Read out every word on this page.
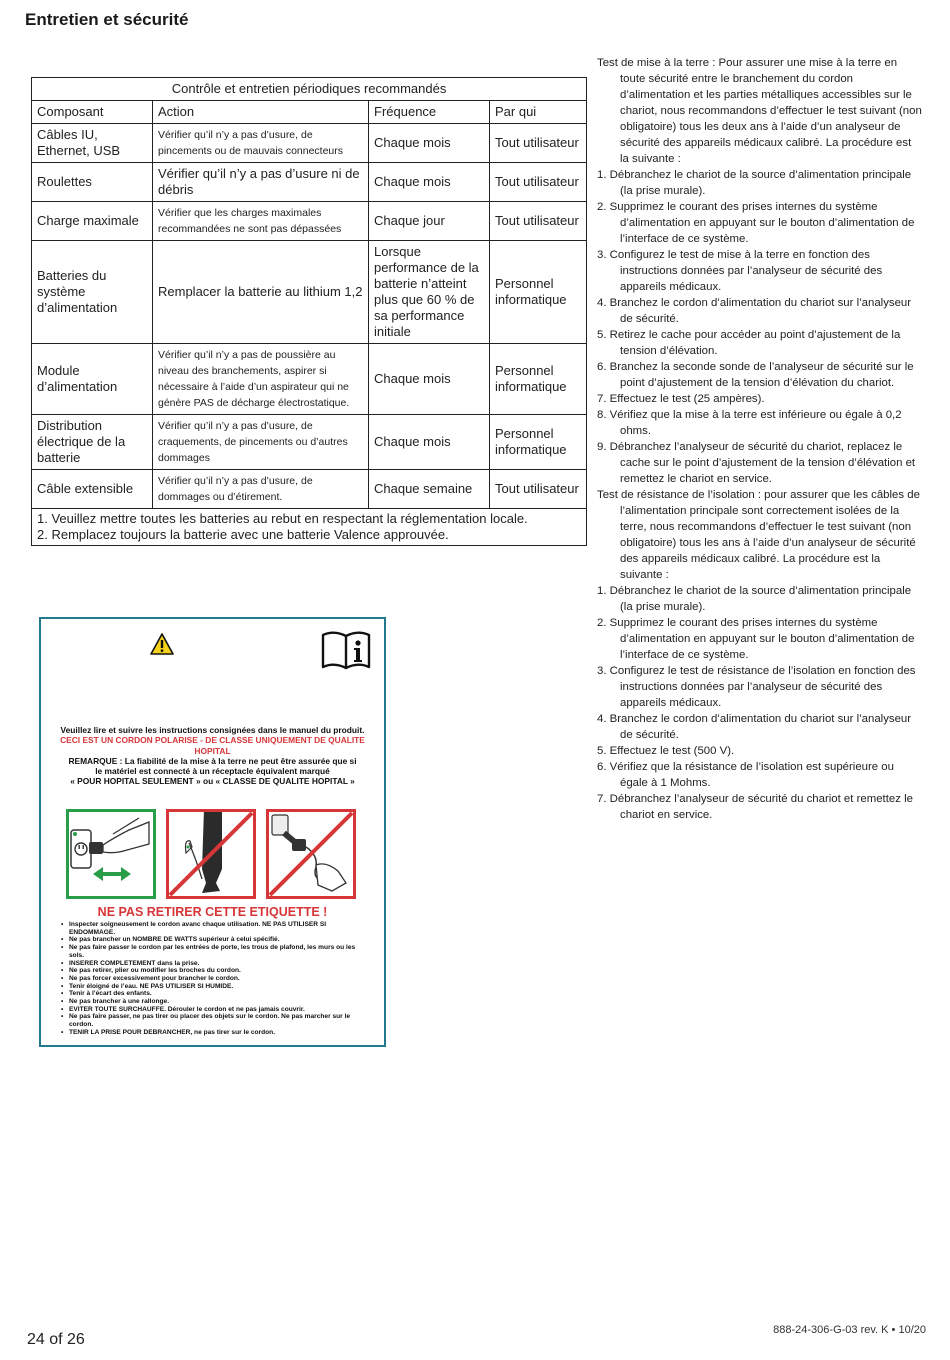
Entretien et sécurité
Contrôle et entretien périodiques recommandés			
Composant	Action	Fréquence	Par qui
Câbles IU, Ethernet, USB	Vérifier qu’il n’y a pas d’usure, de pincements ou de mauvais connecteurs	Chaque mois	Tout utilisateur
Roulettes	Vérifier qu’il n’y a pas d’usure ni de débris	Chaque mois	Tout utilisateur
Charge maximale	Vérifier que les charges maximales recommandées ne sont pas dépassées	Chaque jour	Tout utilisateur
Batteries du système d’alimentation	Remplacer la batterie au lithium 1,2	Lorsque performance de la batterie n’atteint plus que 60 % de sa performance initiale	Personnel informatique
Module d’alimentation	Vérifier qu’il n’y a pas de poussière au niveau des branchements, aspirer si nécessaire à l’aide d’un aspirateur qui ne génère PAS de décharge électrostatique.	Chaque mois	Personnel informatique
Distribution électrique de la batterie	Vérifier qu’il n’y a pas d’usure, de craquements, de pincements ou d’autres dommages	Chaque mois	Personnel informatique
Câble extensible	Vérifier qu’il n’y a pas d’usure, de dommages ou d’étirement.	Chaque semaine	Tout utilisateur

1. Veuillez mettre toutes les batteries au rebut en respectant la réglementation locale.
2. Remplacez toujours la batterie avec une batterie Valence approuvée.			

Test de mise à la terre : Pour assurer une mise à la terre en toute sécurité entre le branchement du cordon d’alimentation et les parties métalliques accessibles sur le chariot, nous recommandons d’effectuer le test suivant (non obligatoire) tous les deux ans à l’aide d’un analyseur de sécurité des appareils médicaux calibré. La procédure est la suivante :

1. Débranchez le chariot de la source d’alimentation principale (la prise murale).
2. Supprimez le courant des prises internes du système d’alimentation en appuyant sur le bouton d’alimentation de l’interface de ce système.
3. Configurez le test de mise à la terre en fonction des instructions données par l’analyseur de sécurité des appareils médicaux.
4. Branchez le cordon d’alimentation du chariot sur l’analyseur de sécurité.
5. Retirez le cache pour accéder au point d’ajustement de la tension d’élévation.
6. Branchez la seconde sonde de l’analyseur de sécurité sur le point d’ajustement de la tension d’élévation du chariot.
7. Effectuez le test (25 ampères).
8. Vérifiez que la mise à la terre est inférieure ou égale à 0,2 ohms.
9. Débranchez l’analyseur de sécurité du chariot, replacez le cache sur le point d’ajustement de la tension d’élévation et remettez le chariot en service.

Test de résistance de l’isolation : pour assurer que les câbles de l’alimentation principale sont correctement isolées de la terre, nous recommandons d’effectuer le test suivant (non obligatoire) tous les ans à l’aide d’un analyseur de sécurité des appareils médicaux calibré. La procédure est la suivante :

1. Débranchez le chariot de la source d’alimentation principale (la prise murale).
2. Supprimez le courant des prises internes du système d’alimentation en appuyant sur le bouton d’alimentation de l’interface de ce système.
3. Configurez le test de résistance de l’isolation en fonction des instructions données par l’analyseur de sécurité des appareils médicaux.
4. Branchez le cordon d’alimentation du chariot sur l’analyseur de sécurité.
5. Effectuez le test (500 V).
6. Vérifiez que la résistance de l’isolation est supérieure ou égale à 1 Mohms.
7. Débranchez l’analyseur de sécurité du chariot et remettez le chariot en service.
Veuillez lire et suivre les instructions consignées dans le manuel du produit.
CECI EST UN CORDON POLARISE - DE CLASSE UNIQUEMENT DE QUALITE HOPITAL
REMARQUE : La fiabilité de la mise à la terre ne peut être assurée que si
le matériel est connecté à un réceptacle équivalent marqué
« POUR HOPITAL SEULEMENT » ou « CLASSE DE QUALITE HOPITAL »
NE PAS RETIRER CETTE ETIQUETTE !
• Inspecter soigneusement le cordon avanc chaque utilisation. NE PAS UTILISER SI ENDOMMAGE.
• Ne pas brancher un NOMBRE DE WATTS supérieur à celui spécifié.
• Ne pas faire passer le cordon par les entrées de porte, les trous de plafond, les murs ou les sols.
• INSERER COMPLETEMENT dans la prise.
• Ne pas retirer, plier ou modifier les broches du cordon.
• Ne pas forcer excessivement pour brancher le cordon.
• Tenir éloigné de l’eau. NE PAS UTILISER SI HUMIDE.
• Tenir à l’écart des enfants.
• Ne pas brancher à une rallonge.
• EVITER TOUTE SURCHAUFFE. Dérouler le cordon et ne pas jamais couvrir.
• Ne pas faire passer, ne pas tirer ou placer des objets sur le cordon. Ne pas marcher sur le cordon.
• TENIR LA PRISE POUR DEBRANCHER, ne pas tirer sur le cordon.
24 of 26
888-24-306-G-03 rev. K • 10/20
